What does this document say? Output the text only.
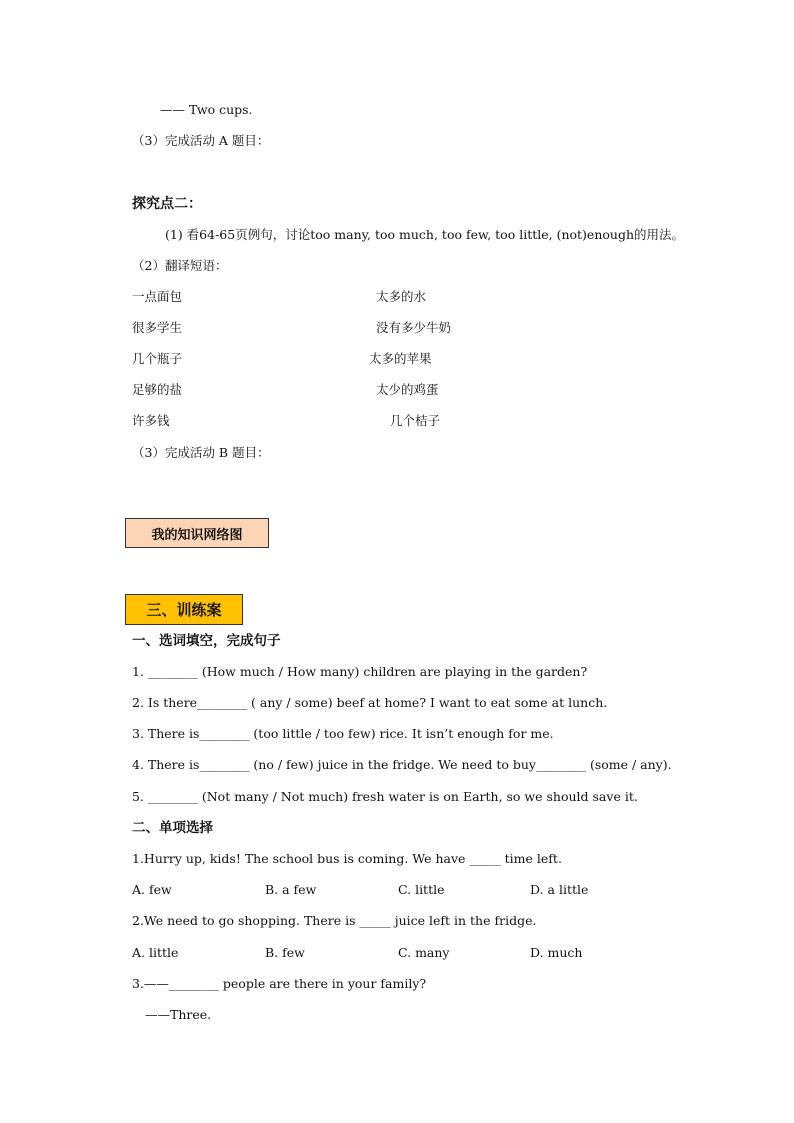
—— Two cups.
（3）完成活动 A 题目：
探究点二：
(1) 看64-65页例句，讨论too many, too much, too few, too little, (not)enough的用法。
（2）翻译短语：
一点面包	太多的水
很多学生	没有多少牛奶
几个瓶子	太多的苹果
足够的盐	太少的鸡蛋
许多钱	几个桔子
（3）完成活动 B 题目：
我的知识网络图
三、训练案
一、选词填空，完成句子
1. ________ (How much / How many) children are playing in the garden?
2. Is there________ ( any / some) beef at home? I want to eat some at lunch.
3. There is________ (too little / too few) rice. It isn’t enough for me.
4. There is________ (no / few) juice in the fridge. We need to buy________ (some / any).
5. ________ (Not many / Not much) fresh water is on Earth, so we should save it.
二、单项选择
1.Hurry up, kids! The school bus is coming. We have _____ time left.
A. few	B. a few	C. little	D. a little
2.We need to go shopping. There is _____ juice left in the fridge.
A. little	B. few	C. many	D. much
3.——________ people are there in your family?
——Three.
